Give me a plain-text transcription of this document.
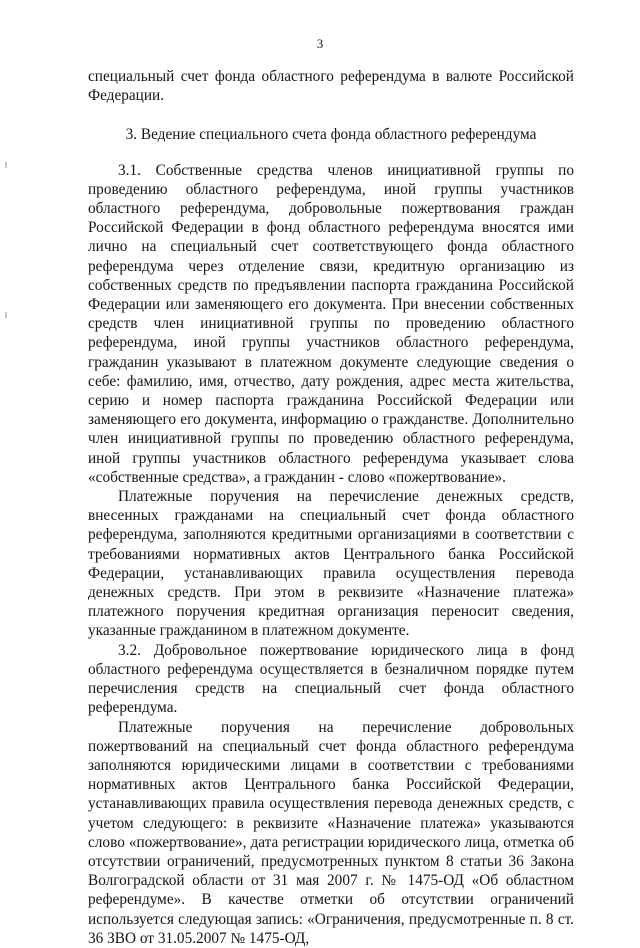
3

специальный счет фонда областного референдума в валюте Российской Федерации.

3. Ведение специального счета фонда областного референдума

3.1. Собственные средства членов инициативной группы по проведению областного референдума, иной группы участников областного референдума, добровольные пожертвования граждан Российской Федерации в фонд областного референдума вносятся ими лично на специальный счет соответствующего фонда областного референдума через отделение связи, кредитную организацию из собственных средств по предъявлении паспорта гражданина Российской Федерации или заменяющего его документа. При внесении собственных средств член инициативной группы по проведению областного референдума, иной группы участников областного референдума, гражданин указывают в платежном документе следующие сведения о себе: фамилию, имя, отчество, дату рождения, адрес места жительства, серию и номер паспорта гражданина Российской Федерации или заменяющего его документа, информацию о гражданстве. Дополнительно член инициативной группы по проведению областного референдума, иной группы участников областного референдума указывает слова «собственные средства», а гражданин - слово «пожертвование».

Платежные поручения на перечисление денежных средств, внесенных гражданами на специальный счет фонда областного референдума, заполняются кредитными организациями в соответствии с требованиями нормативных актов Центрального банка Российской Федерации, устанавливающих правила осуществления перевода денежных средств. При этом в реквизите «Назначение платежа» платежного поручения кредитная организация переносит сведения, указанные гражданином в платежном документе.

3.2. Добровольное пожертвование юридического лица в фонд областного референдума осуществляется в безналичном порядке путем перечисления средств на специальный счет фонда областного референдума.

Платежные поручения на перечисление добровольных пожертвований на специальный счет фонда областного референдума заполняются юридическими лицами в соответствии с требованиями нормативных актов Центрального банка Российской Федерации, устанавливающих правила осуществления перевода денежных средств, с учетом следующего: в реквизите «Назначение платежа» указываются слово «пожертвование», дата регистрации юридического лица, отметка об отсутствии ограничений, предусмотренных пунктом 8 статьи 36 Закона Волгоградской области от 31 мая 2007 г. № 1475-ОД «Об областном референдуме». В качестве отметки об отсутствии ограничений используется следующая запись: «Ограничения, предусмотренные п. 8 ст. 36 ЗВО от 31.05.2007 № 1475-ОД,
